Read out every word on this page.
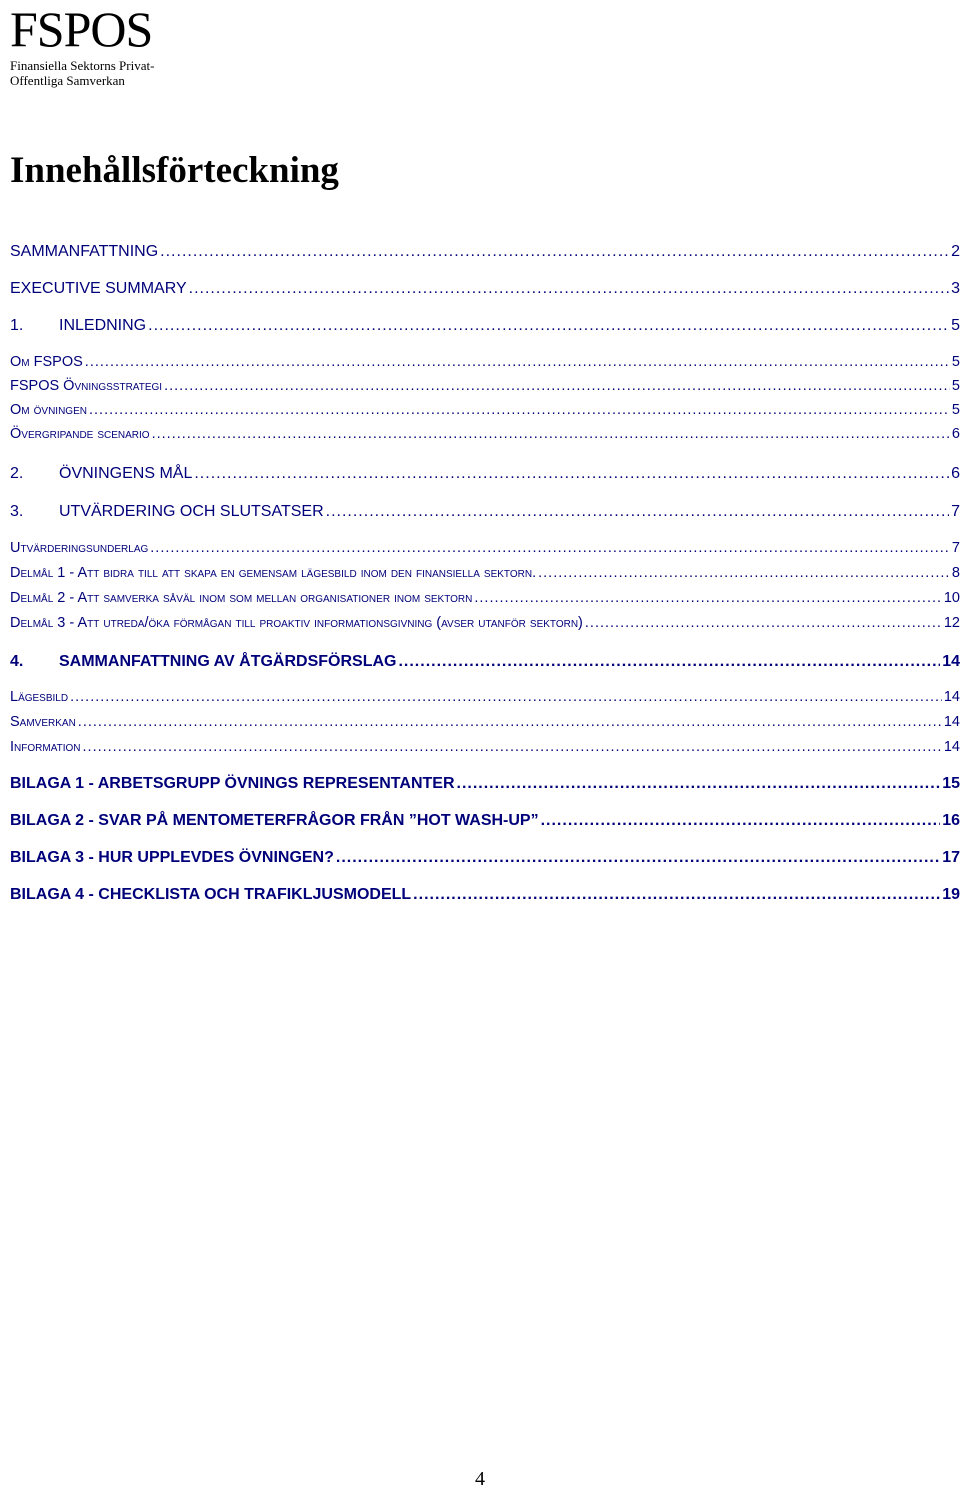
FSPOS
Finansiella Sektorns Privat-
Offentliga Samverkan
Innehållsförteckning
SAMMANFATTNING .....	2
EXECUTIVE SUMMARY .....	3
1. INLEDNING .....	5
Om FSPOS .....	5
FSPOS Övningsstrategi .....	5
Om övningen .....	5
Övergripande scenario .....	6
2. ÖVNINGENS MÅL .....	6
3. UTVÄRDERING OCH SLUTSATSER .....	7
Utvärderingsunderlag .....	7
Delmål 1 - Att bidra till att skapa en gemensam lägesbild inom den finansiella sektorn. .....	8
Delmål 2 - Att samverka såväl inom som mellan organisationer inom sektorn .....	10
Delmål 3 - Att utreda/öka förmågan till proaktiv informationsgivning (avser utanför sektorn) .....	12
4. SAMMANFATTNING AV ÅTGÄRDSFÖRSLAG .....	14
Lägesbild .....	14
Samverkan .....	14
Information .....	14
BILAGA 1 - ARBETSGRUPP ÖVNINGS REPRESENTANTER .....	15
BILAGA 2 - SVAR PÅ MENTOMETERFRÅGOR FRÅN ”HOT WASH-UP” .....	16
BILAGA 3 - HUR UPPLEVDES ÖVNINGEN? .....	17
BILAGA 4 - CHECKLISTA OCH TRAFIKLJUSMODELL .....	19
4
